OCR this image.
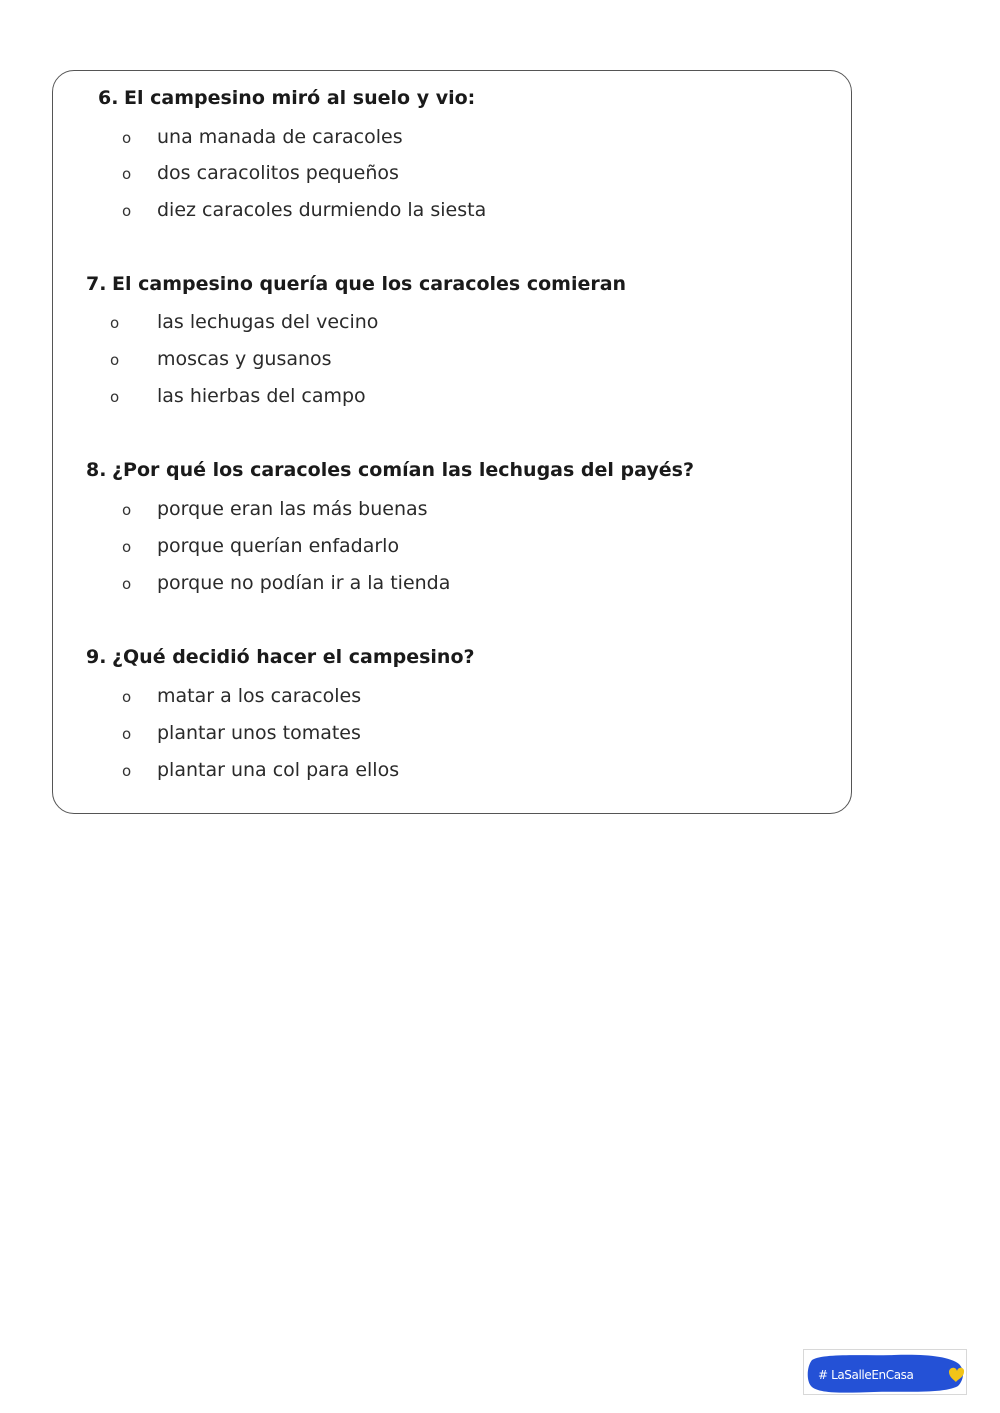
6. El campesino miró al suelo y vio:
o una manada de caracoles
o dos caracolitos pequeños
o diez caracoles durmiendo la siesta
7. El campesino quería que los caracoles comieran
o las lechugas del vecino
o moscas y gusanos
o las hierbas del campo
8. ¿Por qué los caracoles comían las lechugas del payés?
o porque eran las más buenas
o porque querían enfadarlo
o porque no podían ir a la tienda
9. ¿Qué decidió hacer el campesino?
o matar a los caracoles
o plantar unos tomates
o plantar una col para ellos
# LaSalleEnCasa
